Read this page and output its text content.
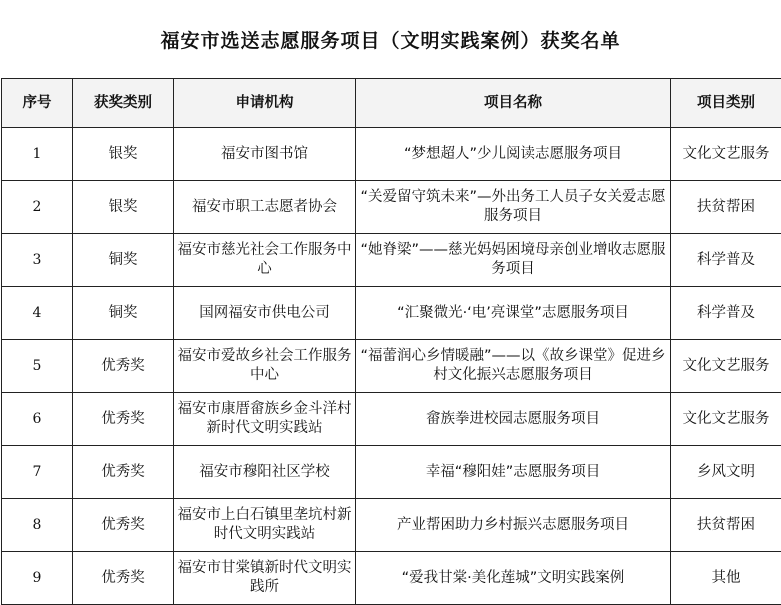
福安市选送志愿服务项目（文明实践案例）获奖名单
序号	获奖类别	申请机构	项目名称	项目类别
1	银奖	福安市图书馆	“梦想超人”少儿阅读志愿服务项目	文化文艺服务
2	银奖	福安市职工志愿者协会	“关爱留守筑未来”—外出务工人员子女关爱志愿服务项目	扶贫帮困
3	铜奖	福安市慈光社会工作服务中心	“她脊梁”——慈光妈妈困境母亲创业增收志愿服务项目	科学普及
4	铜奖	国网福安市供电公司	“汇聚微光·‘电’亮课堂”志愿服务项目	科学普及
5	优秀奖	福安市爱故乡社会工作服务中心	“福蕾润心乡情暖融”——以《故乡课堂》促进乡村文化振兴志愿服务项目	文化文艺服务
6	优秀奖	福安市康厝畲族乡金斗洋村新时代文明实践站	畲族拳进校园志愿服务项目	文化文艺服务
7	优秀奖	福安市穆阳社区学校	幸福“穆阳娃”志愿服务项目	乡风文明
8	优秀奖	福安市上白石镇里垄坑村新时代文明实践站	产业帮困助力乡村振兴志愿服务项目	扶贫帮困
9	优秀奖	福安市甘棠镇新时代文明实践所	“爱我甘棠·美化莲城”文明实践案例	其他
